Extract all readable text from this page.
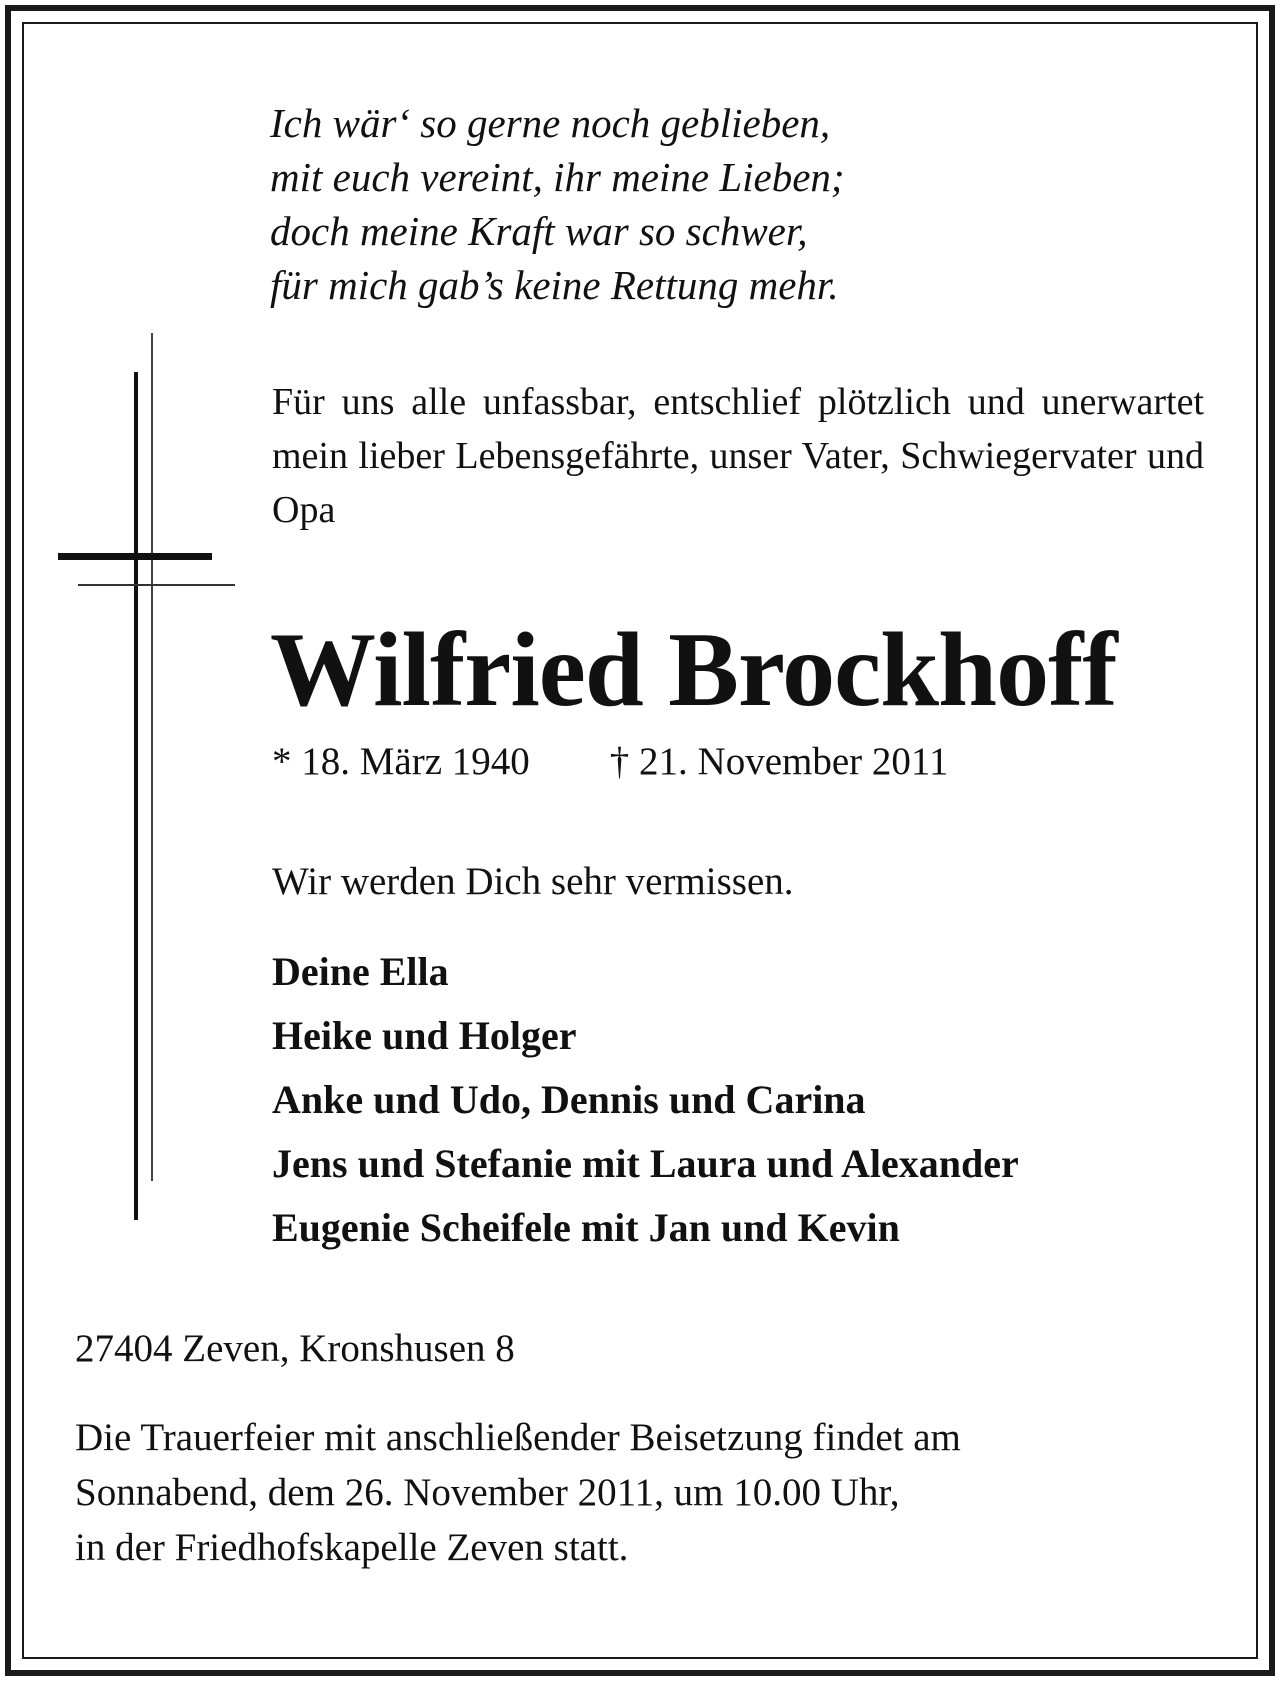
Ich wär‘ so gerne noch geblieben,
mit euch vereint, ihr meine Lieben;
doch meine Kraft war so schwer,
für mich gab’s keine Rettung mehr.

Für uns alle unfassbar, entschlief plötzlich und unerwartet mein lieber Lebensgefährte, unser Vater, Schwiegervater und Opa

Wilfried Brockhoff
* 18. März 1940 † 21. November 2011
Wir werden Dich sehr vermissen.
Deine Ella
Heike und Holger
Anke und Udo, Dennis und Carina
Jens und Stefanie mit Laura und Alexander
Eugenie Scheifele mit Jan und Kevin
27404 Zeven, Kronshusen 8
Die Trauerfeier mit anschließender Beisetzung findet am
Sonnabend, dem 26. November 2011, um 10.00 Uhr,
in der Friedhofskapelle Zeven statt.
